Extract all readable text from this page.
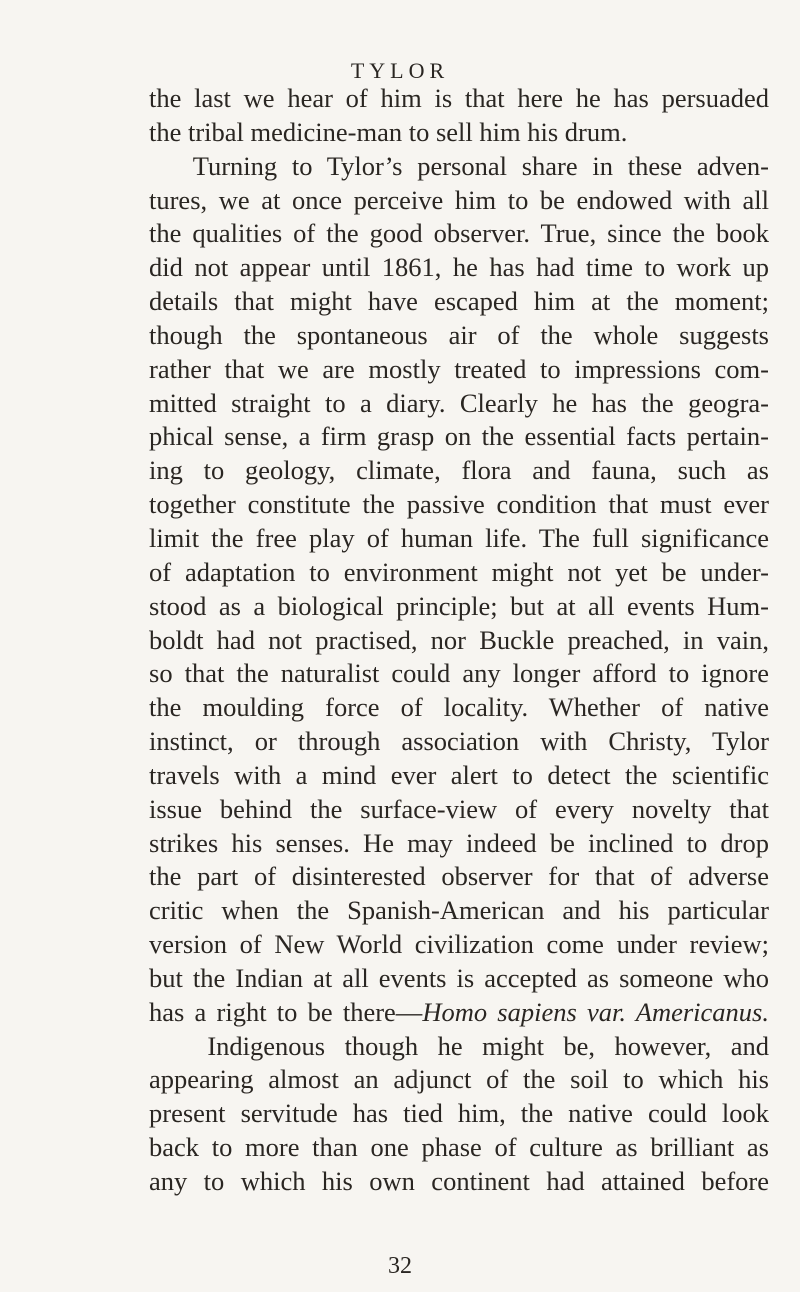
TYLOR
the last we hear of him is that here he has persuaded
the tribal medicine-man to sell him his drum.
Turning to Tylor’s personal share in these adven-
tures, we at once perceive him to be endowed with all
the qualities of the good observer. True, since the book
did not appear until 1861, he has had time to work up
details that might have escaped him at the moment;
though the spontaneous air of the whole suggests
rather that we are mostly treated to impressions com-
mitted straight to a diary. Clearly he has the geogra-
phical sense, a firm grasp on the essential facts pertain-
ing to geology, climate, flora and fauna, such as
together constitute the passive condition that must ever
limit the free play of human life. The full significance
of adaptation to environment might not yet be under-
stood as a biological principle; but at all events Hum-
boldt had not practised, nor Buckle preached, in vain,
so that the naturalist could any longer afford to ignore
the moulding force of locality. Whether of native
instinct, or through association with Christy, Tylor
travels with a mind ever alert to detect the scientific
issue behind the surface-view of every novelty that
strikes his senses. He may indeed be inclined to drop
the part of disinterested observer for that of adverse
critic when the Spanish-American and his particular
version of New World civilization come under review;
but the Indian at all events is accepted as someone who
has a right to be there—Homo sapiens var. Americanus.
Indigenous though he might be, however, and
appearing almost an adjunct of the soil to which his
present servitude has tied him, the native could look
back to more than one phase of culture as brilliant as
any to which his own continent had attained before
32
